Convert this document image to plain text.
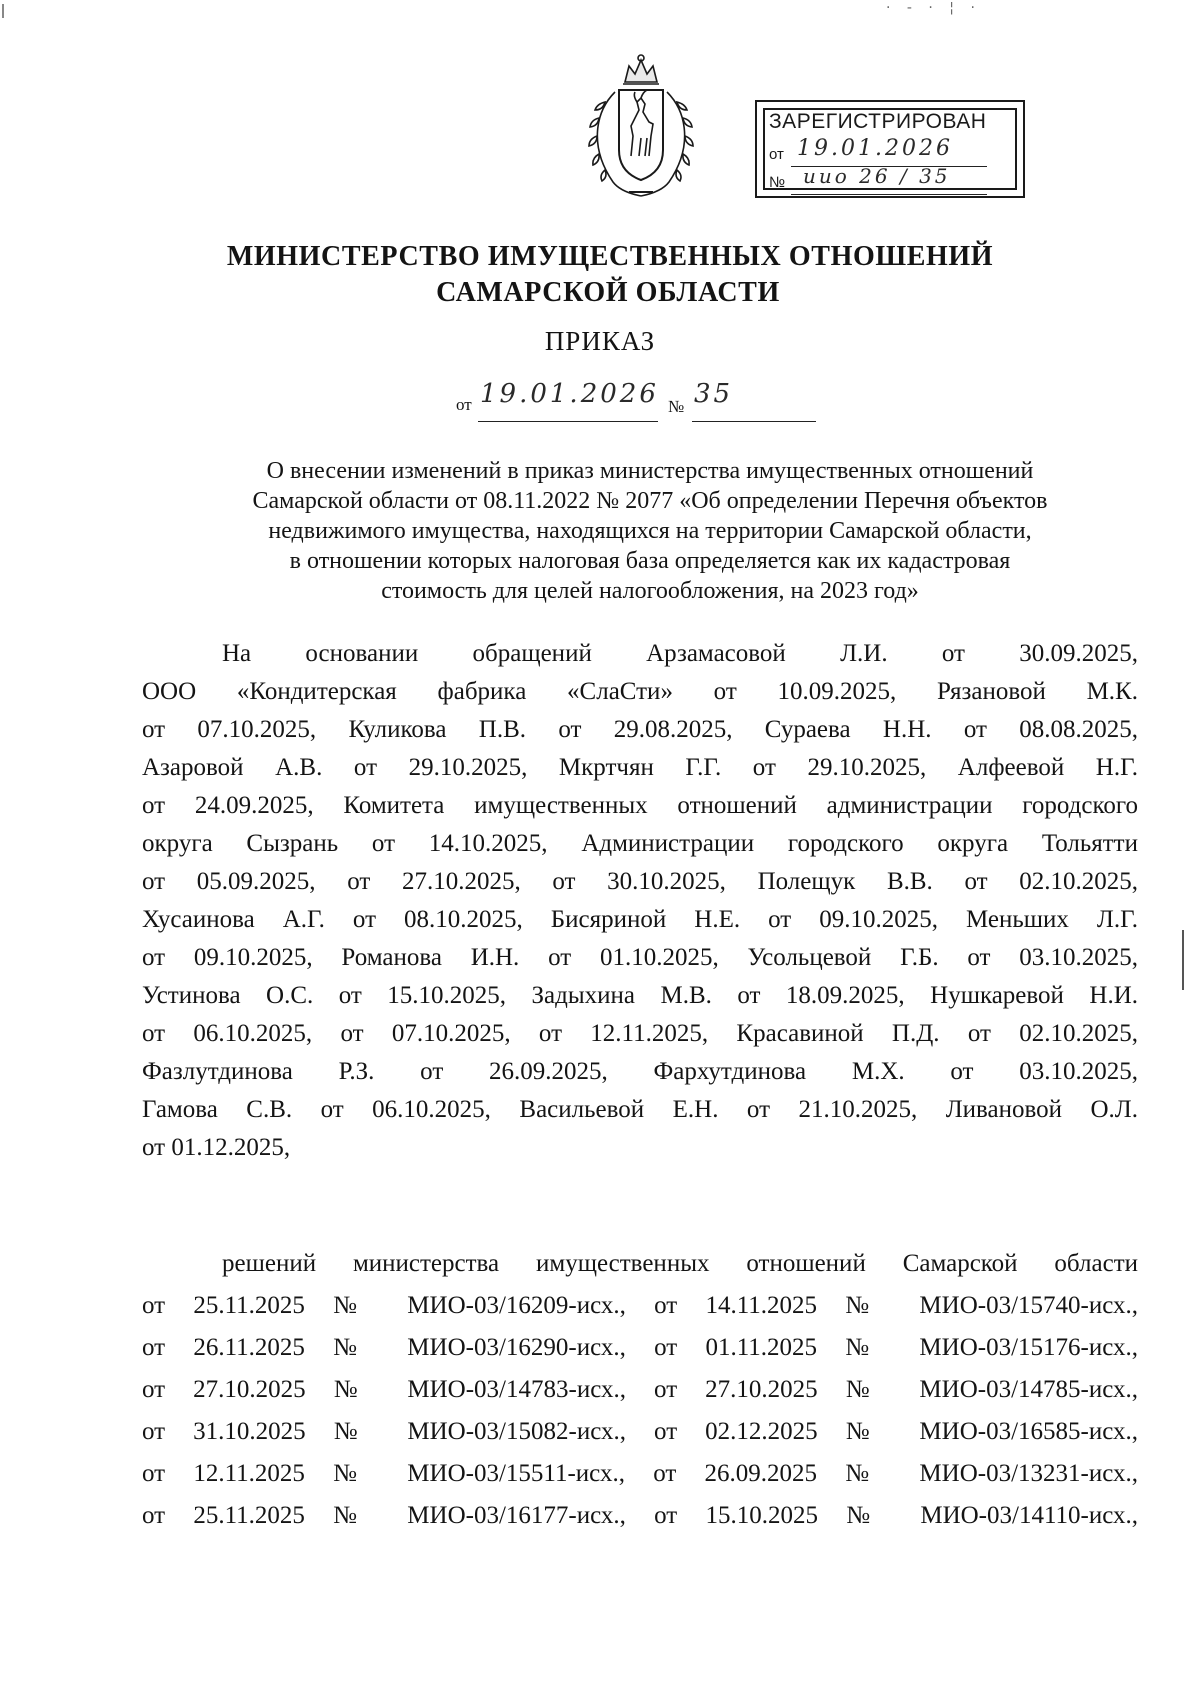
· - · ¦ ·
ЗАРЕГИСТРИРОВАН
от 19.01.2026
№ иио 26 / 35
МИНИСТЕРСТВО ИМУЩЕСТВЕННЫХ ОТНОШЕНИЙ
САМАРСКОЙ ОБЛАСТИ
ПРИКАЗ
от 19.01.2026 № 35
О внесении изменений в приказ министерства имущественных отношений
Самарской области от 08.11.2022 № 2077 «Об определении Перечня объектов
недвижимого имущества, находящихся на территории Самарской области,
в отношении которых налоговая база определяется как их кадастровая
стоимость для целей налогообложения, на 2023 год»
На основании обращений Арзамасовой Л.И. от 30.09.2025,
ООО «Кондитерская фабрика «СлаСти» от 10.09.2025, Рязановой М.К.
от 07.10.2025, Куликова П.В. от 29.08.2025, Сураева Н.Н. от 08.08.2025,
Азаровой А.В. от 29.10.2025, Мкртчян Г.Г. от 29.10.2025, Алфеевой Н.Г.
от 24.09.2025, Комитета имущественных отношений администрации городского
округа Сызрань от 14.10.2025, Администрации городского округа Тольятти
от 05.09.2025, от 27.10.2025, от 30.10.2025, Полещук В.В. от 02.10.2025,
Хусаинова А.Г. от 08.10.2025, Бисяриной Н.Е. от 09.10.2025, Меньших Л.Г.
от 09.10.2025, Романова И.Н. от 01.10.2025, Усольцевой Г.Б. от 03.10.2025,
Устинова О.С. от 15.10.2025, Задыхина М.В. от 18.09.2025, Нушкаревой Н.И.
от 06.10.2025, от 07.10.2025, от 12.11.2025, Красавиной П.Д. от 02.10.2025,
Фазлутдинова Р.З. от 26.09.2025, Фархутдинова М.Х. от 03.10.2025,
Гамова С.В. от 06.10.2025, Васильевой Е.Н. от 21.10.2025, Ливановой О.Л.
от 01.12.2025,
решений министерства имущественных отношений Самарской области
от 25.11.2025 № МИО-03/16209-исх., от 14.11.2025 № МИО-03/15740-исх.,
от 26.11.2025 № МИО-03/16290-исх., от 01.11.2025 № МИО-03/15176-исх.,
от 27.10.2025 № МИО-03/14783-исх., от 27.10.2025 № МИО-03/14785-исх.,
от 31.10.2025 № МИО-03/15082-исх., от 02.12.2025 № МИО-03/16585-исх.,
от 12.11.2025 № МИО-03/15511-исх., от 26.09.2025 № МИО-03/13231-исх.,
от 25.11.2025 № МИО-03/16177-исх., от 15.10.2025 № МИО-03/14110-исх.,
